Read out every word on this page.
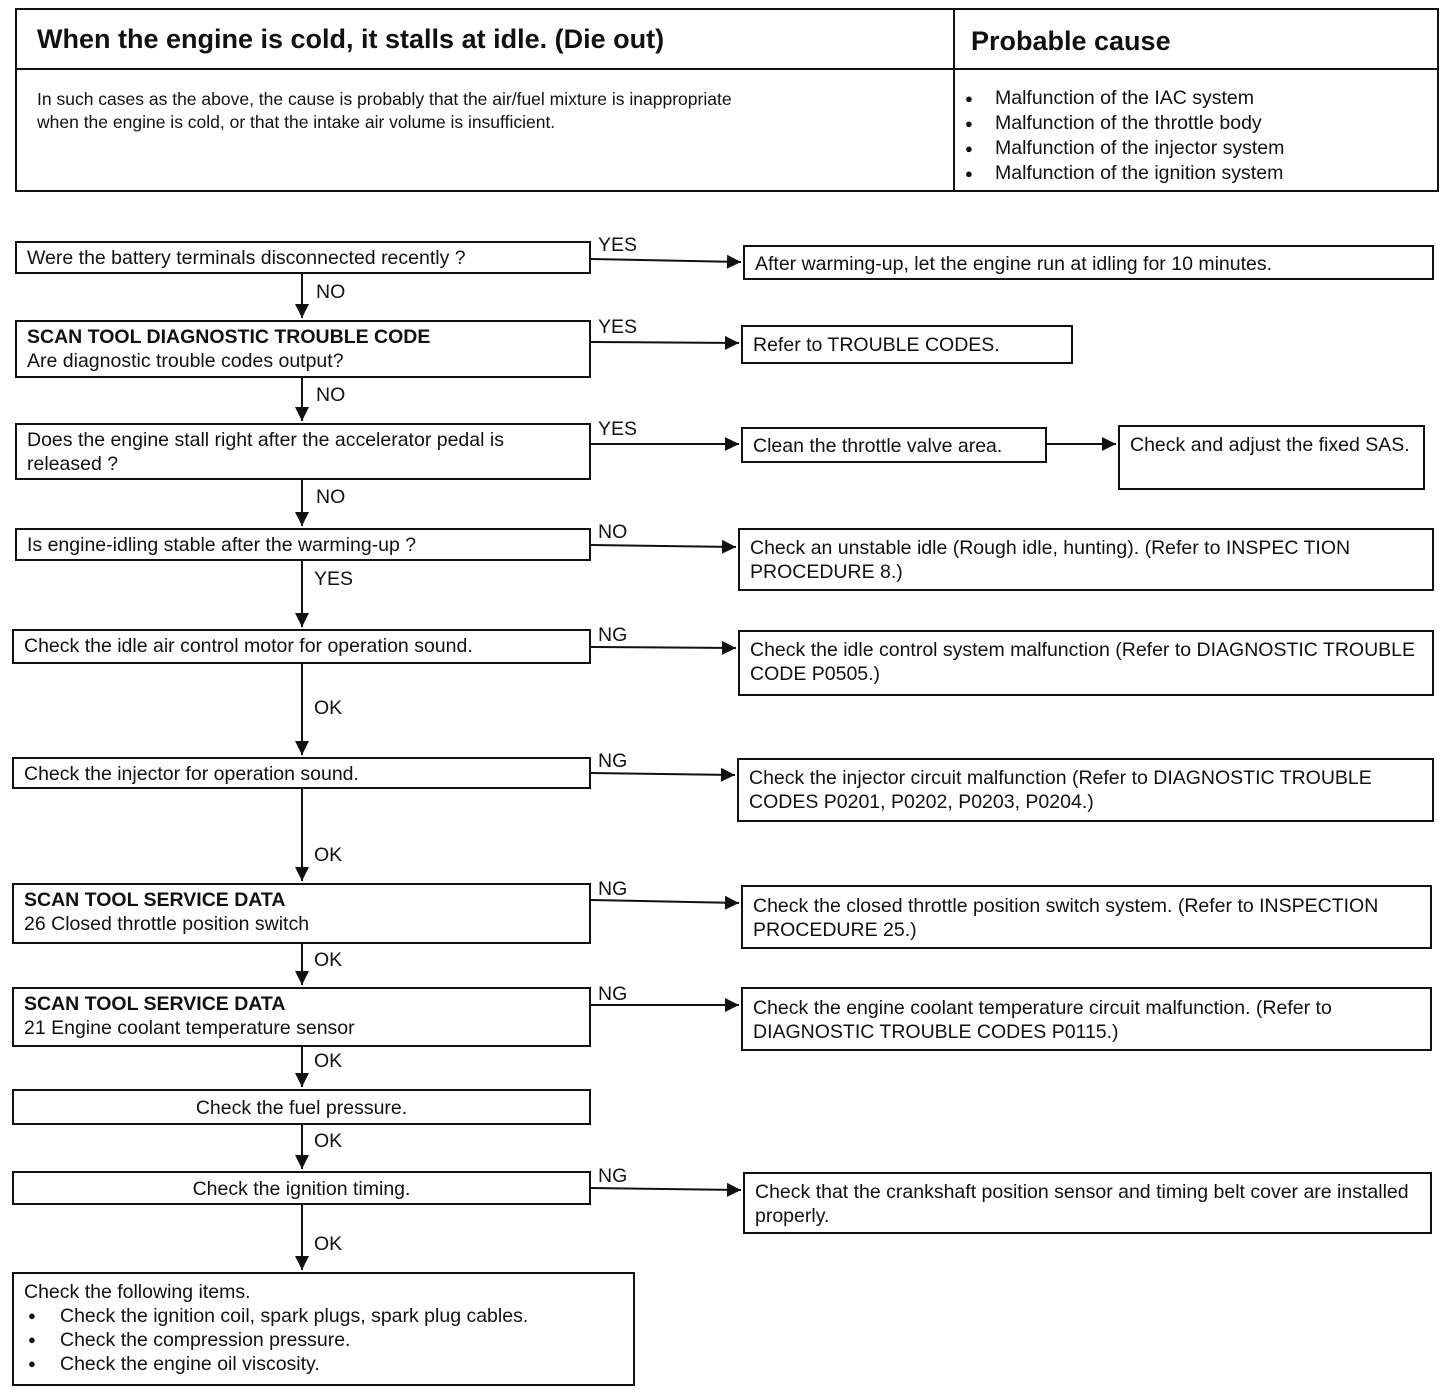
When the engine is cold, it stalls at idle. (Die out)	Probable cause
In such cases as the above, the cause is probably that the air/fuel mixture is inappropriate when the engine is cold, or that the intake air volume is insufficient.
● Malfunction of the IAC system
● Malfunction of the throttle body
● Malfunction of the injector system
● Malfunction of the ignition system
YES
NO
YES
NO
YES
NO
NO
YES
NG
OK
NG
OK
NG
OK
NG
OK
OK
NG
OK
Were the battery terminals disconnected recently ?
SCAN TOOL DIAGNOSTIC TROUBLE CODE
Are diagnostic trouble codes output?
Does the engine stall right after the accelerator pedal is released ?
Is engine-idling stable after the warming-up ?
Check the idle air control motor for operation sound.
Check the injector for operation sound.
SCAN TOOL SERVICE DATA
26 Closed throttle position switch
SCAN TOOL SERVICE DATA
21 Engine coolant temperature sensor
Check the fuel pressure.
Check the ignition timing.
Check the following items.
● Check the ignition coil, spark plugs, spark plug cables.
● Check the compression pressure.
● Check the engine oil viscosity.
After warming-up, let the engine run at idling for 10 minutes.
Refer to TROUBLE CODES.
Clean the throttle valve area.	Check and adjust the fixed SAS.
Check an unstable idle (Rough idle, hunting). (Refer to INSPEC TION PROCEDURE 8.)
Check the idle control system malfunction (Refer to DIAGNOSTIC TROUBLE CODE P0505.)
Check the injector circuit malfunction (Refer to DIAGNOSTIC TROUBLE CODES P0201, P0202, P0203, P0204.)
Check the closed throttle position switch system. (Refer to INSPECTION PROCEDURE 25.)
Check the engine coolant temperature circuit malfunction. (Refer to DIAGNOSTIC TROUBLE CODES P0115.)
Check that the crankshaft position sensor and timing belt cover are installed properly.
